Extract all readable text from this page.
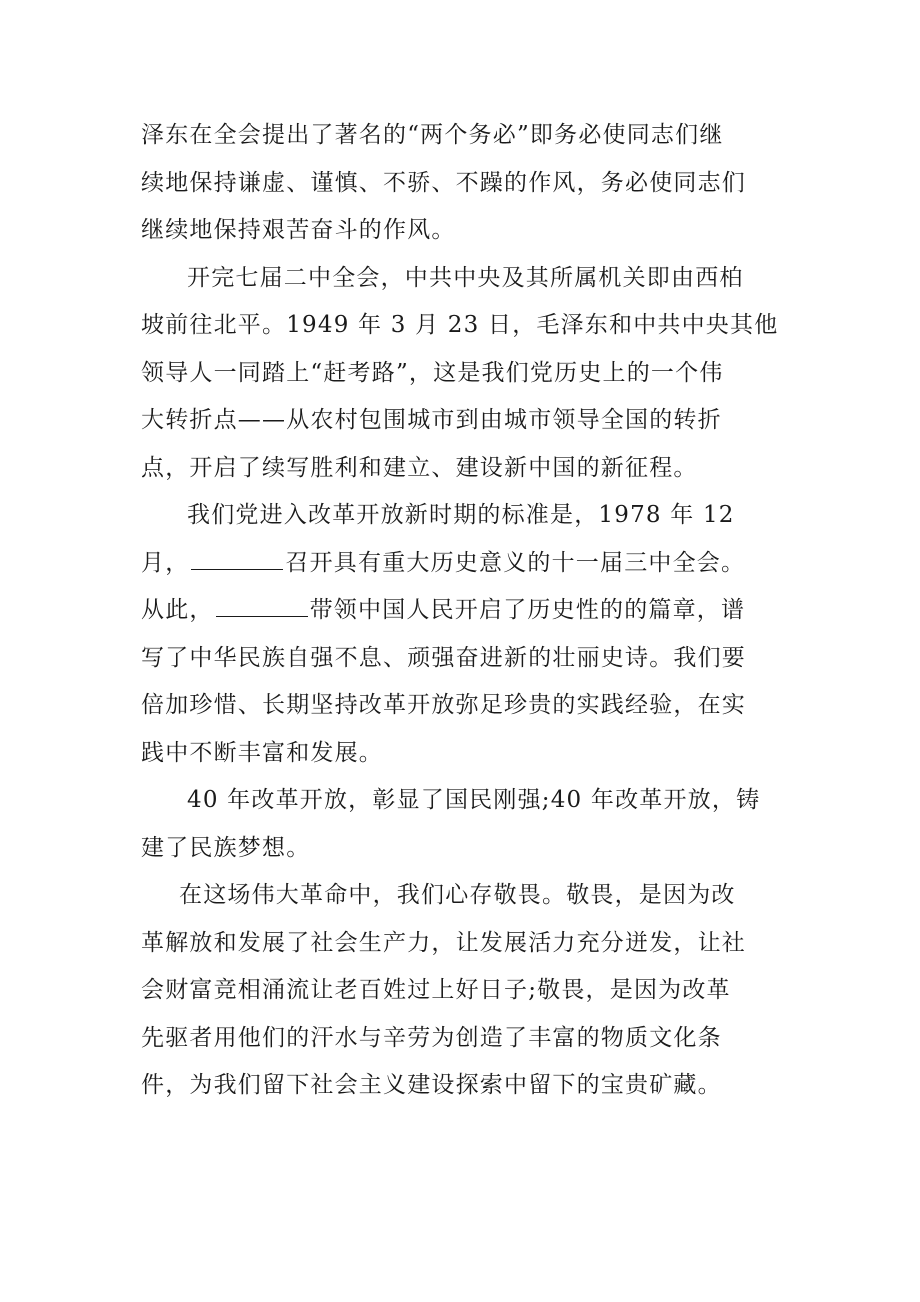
泽东在全会提出了著名的“两个务必”即务必使同志们继
续地保持谦虚、谨慎、不骄、不躁的作风，务必使同志们
继续地保持艰苦奋斗的作风。
开完七届二中全会，中共中央及其所属机关即由西柏
坡前往北平。1949 年 3 月 23 日，毛泽东和中共中央其他
领导人一同踏上“赶考路”，这是我们党历史上的一个伟
大转折点——从农村包围城市到由城市领导全国的转折
点，开启了续写胜利和建立、建设新中国的新征程。
我们党进入改革开放新时期的标准是，1978 年 12
月，	召开具有重大历史意义的十一届三中全会。
从此，	带领中国人民开启了历史性的的篇章，谱
写了中华民族自强不息、顽强奋进新的壮丽史诗。我们要
倍加珍惜、长期坚持改革开放弥足珍贵的实践经验，在实
践中不断丰富和发展。
40 年改革开放，彰显了国民刚强;40 年改革开放，铸
建了民族梦想。
在这场伟大革命中，我们心存敬畏。敬畏，是因为改
革解放和发展了社会生产力，让发展活力充分迸发，让社
会财富竞相涌流让老百姓过上好日子;敬畏，是因为改革
先驱者用他们的汗水与辛劳为创造了丰富的物质文化条
件，为我们留下社会主义建设探索中留下的宝贵矿藏。
